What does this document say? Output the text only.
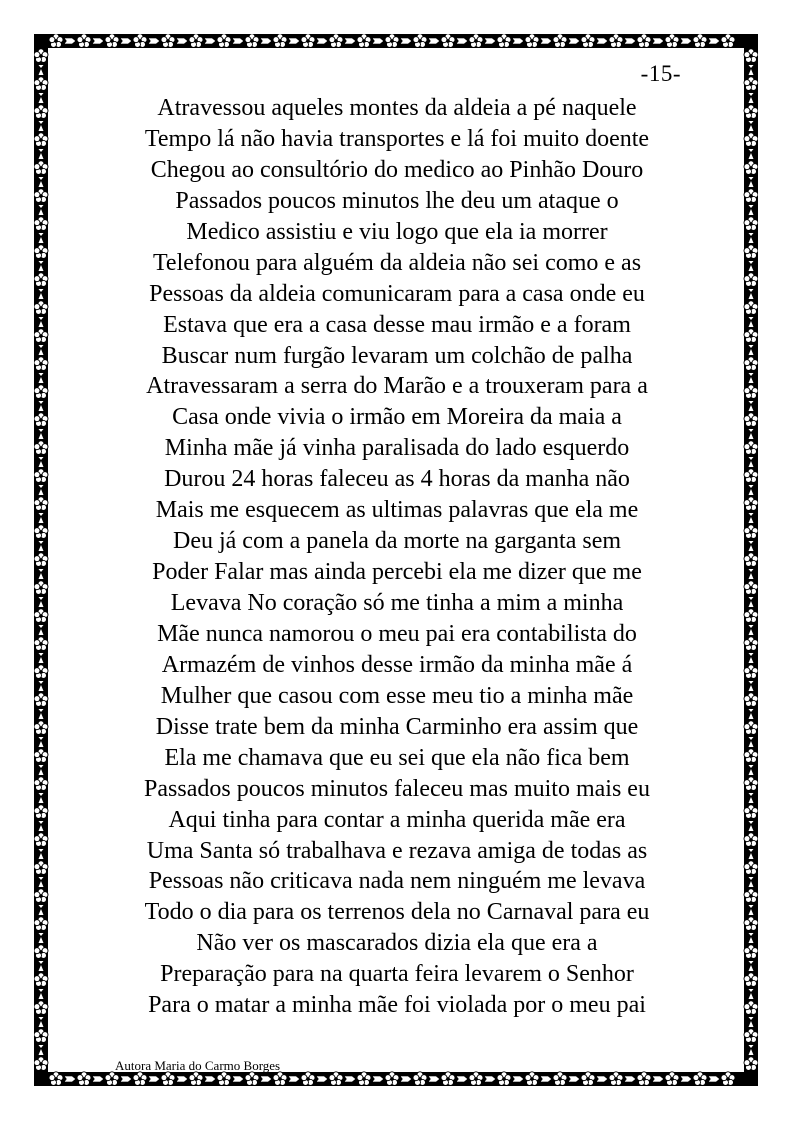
-15-
Atravessou aqueles montes da aldeia a pé naquele
Tempo lá não havia transportes e lá foi muito doente
Chegou ao consultório do medico ao Pinhão Douro
Passados poucos minutos lhe deu um ataque o
Medico assistiu e viu logo que ela ia morrer
Telefonou para alguém da aldeia não sei como e as
Pessoas da aldeia comunicaram para a casa onde eu
Estava que era a casa desse mau irmão e a foram
Buscar num furgão levaram um colchão de palha
Atravessaram a serra do Marão e a trouxeram para a
Casa onde vivia o irmão em Moreira da maia a
Minha mãe já vinha paralisada do lado esquerdo
Durou 24 horas faleceu as 4 horas da manha não
Mais me esquecem as ultimas palavras que ela me
Deu já com a panela da morte na garganta sem
Poder Falar mas ainda percebi ela me dizer que me
Levava No coração só me tinha a mim a minha
Mãe nunca namorou o meu pai era contabilista do
Armazém de vinhos desse irmão da minha mãe á
Mulher que casou com esse meu tio a minha mãe
Disse trate bem da minha Carminho era assim que
Ela me chamava que eu sei que ela não fica bem
Passados poucos minutos faleceu mas muito mais eu
Aqui tinha para contar a minha querida mãe era
Uma Santa só trabalhava e rezava amiga de todas as
Pessoas não criticava nada nem ninguém me levava
Todo o dia para os terrenos dela no Carnaval para eu
Não ver os mascarados dizia ela que era a
Preparação para na quarta feira levarem o Senhor
Para o matar a minha mãe foi violada por o meu pai
Autora Maria do Carmo Borges
